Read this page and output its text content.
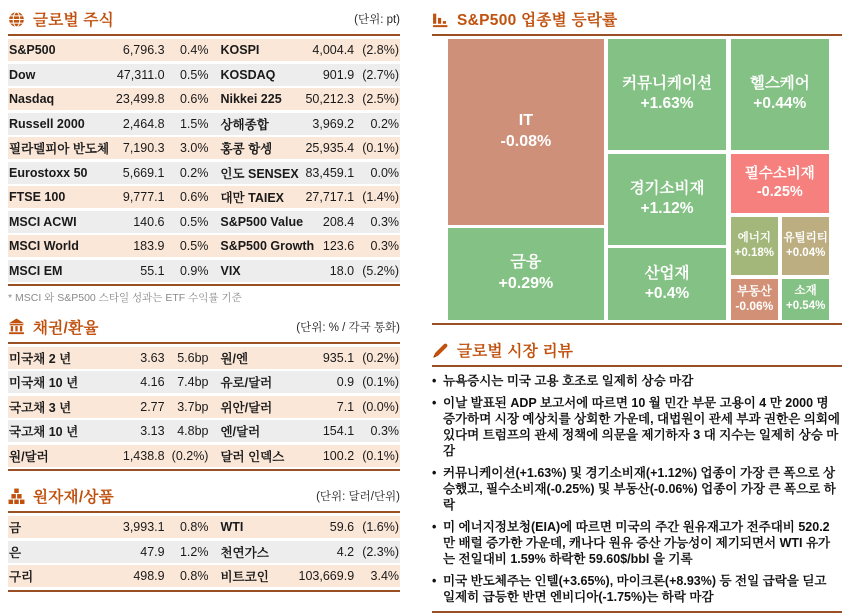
글로벌 주식	(단위: pt)
S&P500	6,796.3	0.4% KOSPI	4,004.4 (2.8%)
Dow	47,311.0	0.5% KOSDAQ	901.9 (2.7%)
Nasdaq	23,499.8	0.6% Nikkei 225	50,212.3 (2.5%)
Russell 2000	2,464.8	1.5% 상해종합	3,969.2	0.2%
필라델피아 반도체	7,190.3	3.0% 홍콩 항셍	25,935.4 (0.1%)
Eurostoxx 50	5,669.1	0.2% 인도 SENSEX 83,459.1	0.0%
FTSE 100	9,777.1	0.6% 대만 TAIEX	27,717.1 (1.4%)
MSCI ACWI	140.6	0.5% S&P500 Value	208.4	0.3%
MSCI World	183.9	0.5% S&P500 Growth 123.6	0.3%
MSCI EM	55.1	0.9% VIX	18.0 (5.2%)
* MSCI 와 S&P500 스타일 성과는 ETF 수익률 기준
채권/환율	(단위: % / 각국 통화)
미국채 2 년	3.63	5.6bp 원/엔	935.1 (0.2%)
미국채 10 년	4.16	7.4bp 유로/달러	0.9 (0.1%)
국고채 3 년	2.77	3.7bp 위안/달러	7.1 (0.0%)
국고채 10 년	3.13	4.8bp 엔/달러	154.1	0.3%
원/달러	1,438.8 (0.2%) 달러 인덱스	100.2 (0.1%)
원자재/상품	(단위: 달러/단위)
금	3,993.1	0.8% WTI	59.6 (1.6%)
은	47.9	1.2% 천연가스	4.2 (2.3%)
구리	498.9	0.8% 비트코인	103,669.9	3.4%
S&P500 업종별 등락률
IT
-0.08%
금융
+0.29%
커뮤니케이션
+1.63%
경기소비재
+1.12%
산업재
+0.4%
헬스케어
+0.44%
필수소비재
-0.25%
에너지
+0.18%
유틸리티
+0.04%
부동산
-0.06%
소재
+0.54%
글로벌 시장 리뷰
• 뉴욕증시는 미국 고용 호조로 일제히 상승 마감
• 이날 발표된 ADP 보고서에 따르면 10 월 민간 부문 고용이 4 만 2000 명 증가하며 시장 예상치를 상회한 가운데, 대법원이 관세 부과 권한은 의회에 있다며 트럼프의 관세 정책에 의문을 제기하자 3 대 지수는 일제히 상승 마감
• 커뮤니케이션(+1.63%) 및 경기소비재(+1.12%) 업종이 가장 큰 폭으로 상승했고, 필수소비재(-0.25%) 및 부동산(-0.06%) 업종이 가장 큰 폭으로 하락
• 미 에너지정보청(EIA)에 따르면 미국의 주간 원유재고가 전주대비 520.2 만 배럴 증가한 가운데, 캐나다 원유 증산 가능성이 제기되면서 WTI 유가는 전일대비 1.59% 하락한 59.60$/bbl 을 기록
• 미국 반도체주는 인텔(+3.65%), 마이크론(+8.93%) 등 전일 급락을 딛고 일제히 급등한 반면 엔비디아(-1.75%)는 하락 마감
